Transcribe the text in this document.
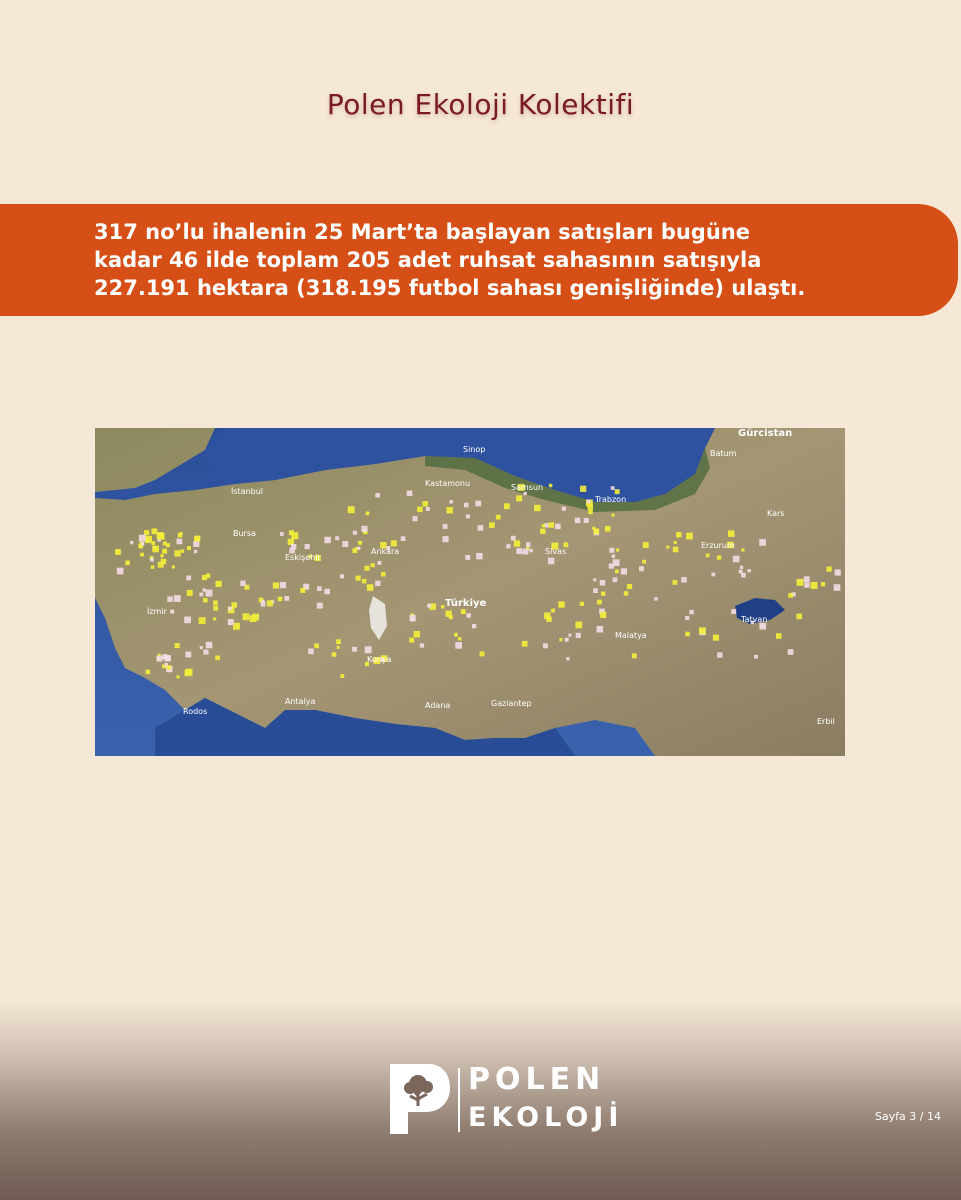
Polen Ekoloji Kolektifi
317 no’lu ihalenin 25 Mart’ta başlayan satışları bugüne
kadar 46 ilde toplam 205 adet ruhsat sahasının satışıyla
227.191 hektara (318.195 futbol sahası genişliğinde) ulaştı.
Gürcistan
Batum
İstanbul
Bursa
Eskişehir
Ankara
Türkiye
İzmir
Konya
Antalya	Adana	Gaziantep
Erbil
Sinop
Samsun
Trabzon
Erzurum
Tatvan
Rodos
Malatya
Sivas
Kastamonu
Kars
POLEN
EKOLOJİ	Sayfa 3 / 14
